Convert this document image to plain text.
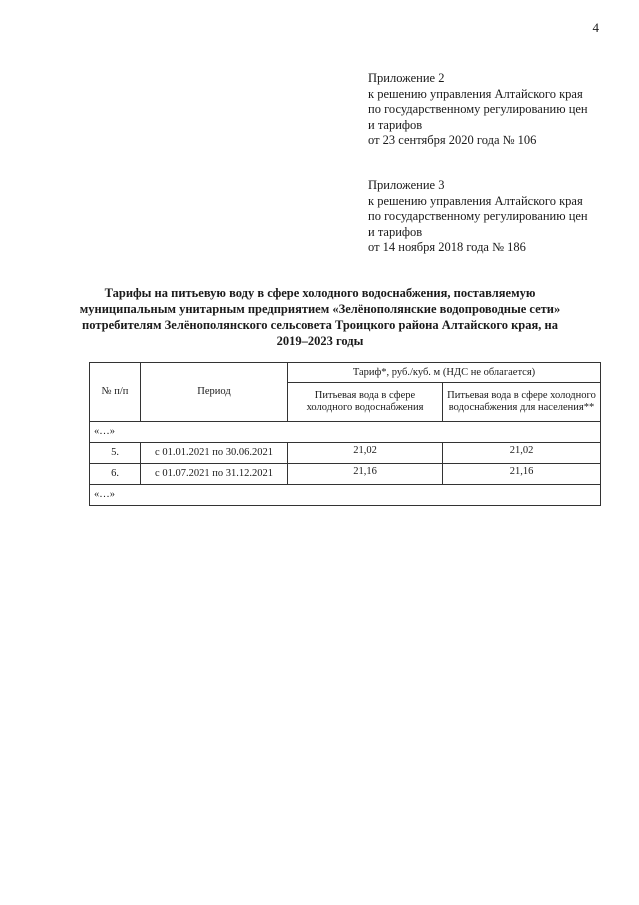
4
Приложение 2
к решению управления Алтайского края
по государственному регулированию цен
и тарифов
от 23 сентября 2020 года № 106
Приложение 3
к решению управления Алтайского края
по государственному регулированию цен
и тарифов
от 14 ноября 2018 года № 186
Тарифы на питьевую воду в сфере холодного водоснабжения, поставляемую
муниципальным унитарным предприятием «Зелёнополянские водопроводные сети»
потребителям Зелёнополянского сельсовета Троицкого района Алтайского края, на
2019–2023 годы
№ п/п	Период	Тариф*, руб./куб. м (НДС не облагается)	
		Питьевая вода в сфере холодного водоснабжения	Питьевая вода в сфере холодного водоснабжения для населения**
«…»			
5.	с 01.01.2021 по 30.06.2021	21,02	21,02
6.	с 01.07.2021 по 31.12.2021	21,16	21,16
«…»			
